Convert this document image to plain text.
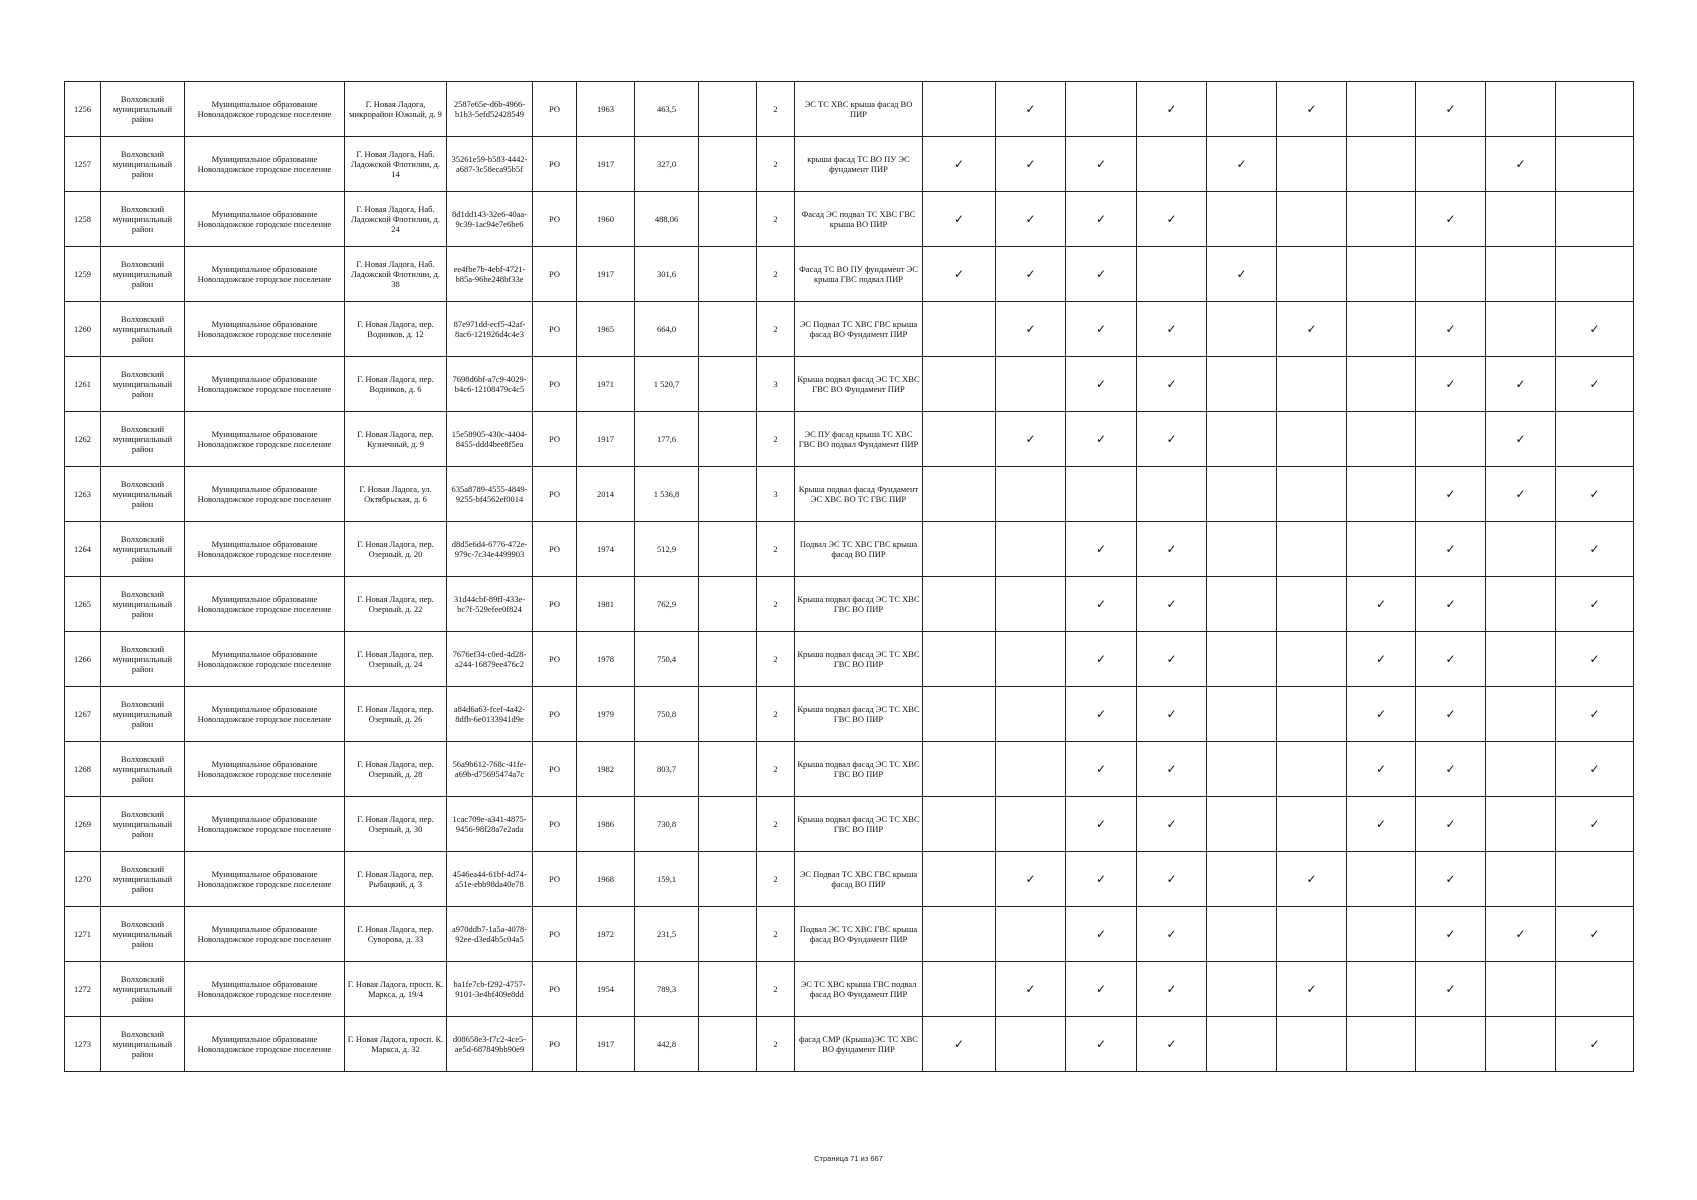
1256	Волховский муниципальный район	Муниципальное образование Новоладожское городское поселение	Г. Новая Ладога, микрорайон Южный, д. 9	2587e65e-d6b-4966-b1b3-5efd52428549	РО	1963	463,5		2	ЭС ТС ХВС крыша фасад ВО ПИР		✓		✓		✓		✓		
1257	Волховский муниципальный район	Муниципальное образование Новоладожское городское поселение	Г. Новая Ладога, Наб. Ладожской Флотилии, д. 14	35261e59-b583-4442-a687-3c58eca95b5f	РО	1917	327,0		2	крыша фасад ТС ВО ПУ ЭС фундамент ПИР	✓	✓	✓		✓				✓	
1258	Волховский муниципальный район	Муниципальное образование Новоладожское городское поселение	Г. Новая Ладога, Наб. Ладожской Флотилии, д. 24	8d1dd143-32e6-40aa-9c39-1ac94e7e6be6	РО	1960	488,06		2	Фасад ЭС подвал ТС ХВС ГВС крыша ВО ПИР	✓	✓	✓	✓				✓		
1259	Волховский муниципальный район	Муниципальное образование Новоладожское городское поселение	Г. Новая Ладога, Наб. Ладожской Флотилии, д. 38	ee4fbe7b-4ebf-4721-b85a-96be248bf33e	РО	1917	301,6		2	Фасад ТС ВО ПУ фундамент ЭС крыша ГВС подвал ПИР	✓	✓	✓		✓					
1260	Волховский муниципальный район	Муниципальное образование Новоладожское городское поселение	Г. Новая Ладога, пер. Водников, д. 12	87e971dd-ecf5-42af-8ac6-121926d4c4e3	РО	1965	664,0		2	ЭС Подвал ТС ХВС ГВС крыша фасад ВО Фундамент ПИР		✓	✓	✓		✓		✓		✓
1261	Волховский муниципальный район	Муниципальное образование Новоладожское городское поселение	Г. Новая Ладога, пер. Водников, д. 6	7698d6bf-a7c9-4029-b4c6-12108479c4c5	РО	1971	1 520,7		3	Крыша подвал фасад ЭС ТС ХВС ГВС ВО Фундамент ПИР			✓	✓				✓	✓	✓
1262	Волховский муниципальный район	Муниципальное образование Новоладожское городское поселение	Г. Новая Ладога, пер. Кузнечный, д. 9	15e58905-430c-4404-8455-ddd4bee8f5ea	РО	1917	177,6		2	ЭС ПУ фасад крыша ТС ХВС ГВС ВО подвал Фундамент ПИР		✓	✓	✓					✓	
1263	Волховский муниципальный район	Муниципальное образование Новоладожское городское поселение	Г. Новая Ладога, ул. Октябрьская, д. 6	635a8789-4555-4849-9255-bf4562ef0014	РО	2014	1 536,8		3	Крыша подвал фасад Фундамент ЭС ХВС ВО ТС ГВС ПИР								✓	✓	✓
1264	Волховский муниципальный район	Муниципальное образование Новоладожское городское поселение	Г. Новая Ладога, пер. Озерный, д. 20	d8d5e6d4-6776-472e-979c-7c34e4499903	РО	1974	512,9		2	Подвал ЭС ТС ХВС ГВС крыша фасад ВО ПИР			✓	✓				✓		✓
1265	Волховский муниципальный район	Муниципальное образование Новоладожское городское поселение	Г. Новая Ладога, пер. Озерный, д. 22	31d44cbf-89ff-433e-bc7f-529efee0f824	РО	1981	762,9		2	Крыша подвал фасад ЭС ТС ХВС ГВС ВО ПИР			✓	✓			✓	✓		✓
1266	Волховский муниципальный район	Муниципальное образование Новоладожское городское поселение	Г. Новая Ладога, пер. Озерный, д. 24	7676ef34-c0ed-4d28-a244-16879ee476c2	РО	1978	750,4		2	Крыша подвал фасад ЭС ТС ХВС ГВС ВО ПИР			✓	✓			✓	✓		✓
1267	Волховский муниципальный район	Муниципальное образование Новоладожское городское поселение	Г. Новая Ладога, пер. Озерный, д. 26	a84d6a63-fcef-4a42-8dfb-6e0133941d9e	РО	1979	750,8		2	Крыша подвал фасад ЭС ТС ХВС ГВС ВО ПИР			✓	✓			✓	✓		✓
1268	Волховский муниципальный район	Муниципальное образование Новоладожское городское поселение	Г. Новая Ладога, пер. Озерный, д. 28	56a9b612-768c-41fe-a69b-d75695474a7c	РО	1982	803,7		2	Крыша подвал фасад ЭС ТС ХВС ГВС ВО ПИР			✓	✓			✓	✓		✓
1269	Волховский муниципальный район	Муниципальное образование Новоладожское городское поселение	Г. Новая Ладога, пер. Озерный, д. 30	1cac709e-a341-4875-9456-98f28a7e2ada	РО	1986	730,8		2	Крыша подвал фасад ЭС ТС ХВС ГВС ВО ПИР			✓	✓			✓	✓		✓
1270	Волховский муниципальный район	Муниципальное образование Новоладожское городское поселение	Г. Новая Ладога, пер. Рыбацкий, д. 3	4546ea44-61bf-4d74-a51e-ebb98da40e78	РО	1968	159,1		2	ЭС Подвал ТС ХВС ГВС крыша фасад ВО ПИР		✓	✓	✓		✓		✓		
1271	Волховский муниципальный район	Муниципальное образование Новоладожское городское поселение	Г. Новая Ладога, пер. Суворова, д. 33	a970ddb7-1a5a-4078-92ee-d3ed4b5c04a5	РО	1972	231,5		2	Подвал ЭС ТС ХВС ГВС крыша фасад ВО Фундамент ПИР			✓	✓				✓	✓	✓
1272	Волховский муниципальный район	Муниципальное образование Новоладожское городское поселение	Г. Новая Ладога, просп. К. Маркса, д. 19/4	ba1fe7cb-f292-4757-9101-3e4bf409e8dd	РО	1954	789,3		2	ЭС ТС ХВС крыша ГВС подвал фасад ВО Фундамент ПИР		✓	✓	✓		✓		✓		
1273	Волховский муниципальный район	Муниципальное образование Новоладожское городское поселение	Г. Новая Ладога, просп. К. Маркса, д. 32	d08658e3-f7c2-4ce5-ae5d-687849bb90e9	РО	1917	442,8		2	фасад СМР (Крыша)ЭС ТС ХВС ВО фундамент ПИР	✓		✓	✓						✓
Страница 71 из 667
